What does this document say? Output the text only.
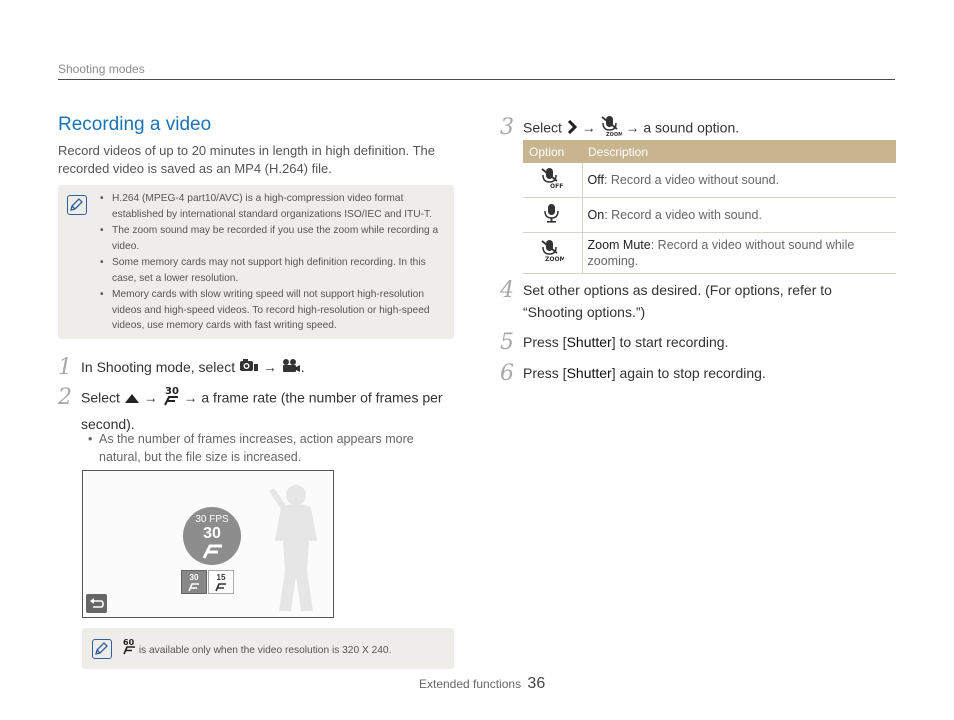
Shooting modes
Recording a video
Record videos of up to 20 minutes in length in high definition. The recorded video is saved as an MP4 (H.264) file.
• H.264 (MPEG-4 part10/AVC) is a high-compression video format established by international standard organizations ISO/IEC and ITU-T.
• The zoom sound may be recorded if you use the zoom while recording a video.
• Some memory cards may not support high definition recording. In this case, set a lower resolution.
• Memory cards with slow writing speed will not support high-resolution videos and high-speed videos. To record high-resolution or high-speed videos, use memory cards with fast writing speed.
1 In Shooting mode, select → .
2 Select → 30 → a frame rate (the number of frames per second).
• As the number of frames increases, action appears more natural, but the file size is increased.
30 FPS
30
30	15
60
is available only when the video resolution is 320 X 240.
3 Select → ZOOM → a sound option.
Option	Description

OFF	Off: Record a video without sound.
	On: Record a video with sound.

ZOOM	Zoom Mute: Record a video without sound while zooming.
4 Set other options as desired. (For options, refer to “Shooting options.”)
5 Press [Shutter] to start recording.
6 Press [Shutter] again to stop recording.
Extended functions 36
